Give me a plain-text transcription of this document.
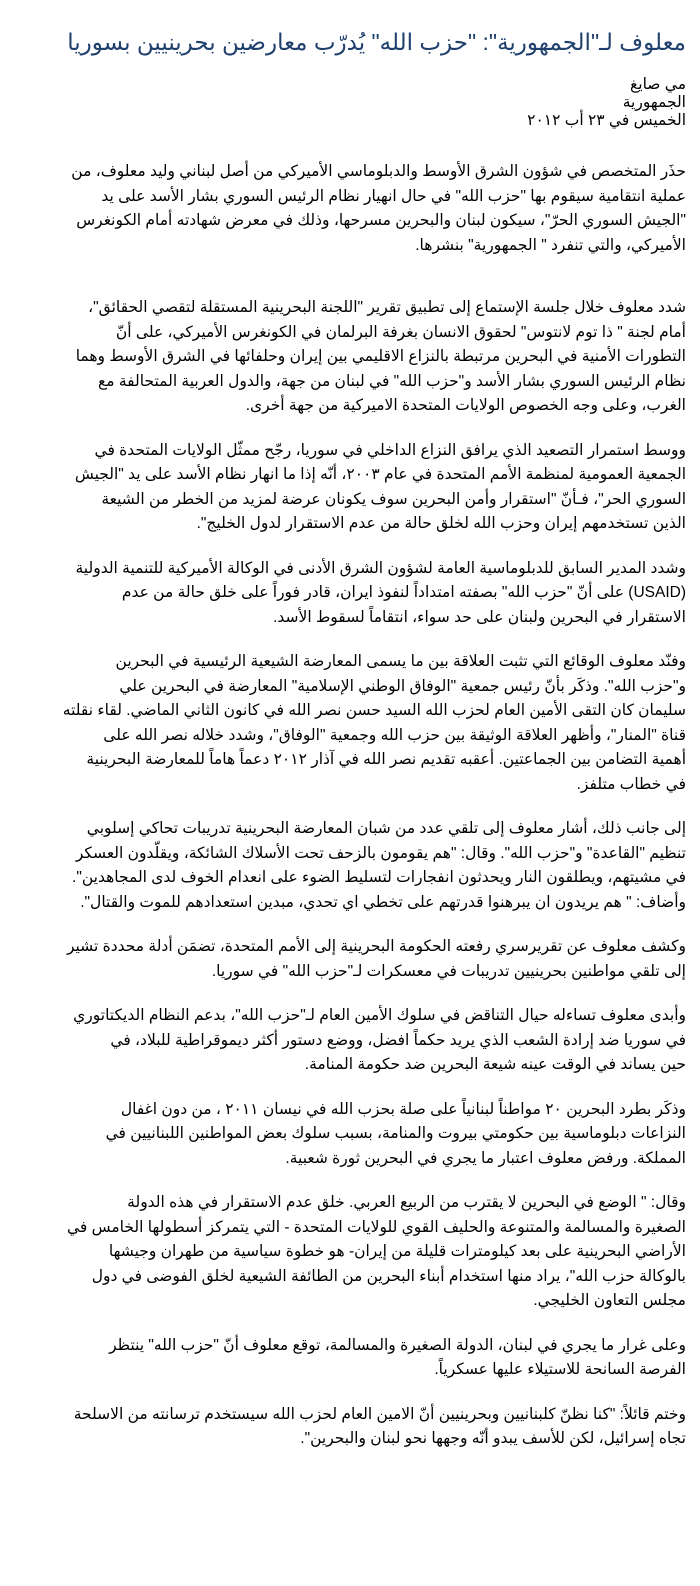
معلوف لـ"الجمهورية": "حزب الله" يُدرّب معارضين بحرينيين بسوريا
مي صايغ
الجمهورية
الخميس في ٢٣ أب ٢٠١٢
حذَر المتخصص في شؤون الشرق الأوسط والدبلوماسي الأميركي من أصل لبناني وليد معلوف، من
عملية انتقامية سيقوم بها "حزب الله" في حال انهيار نظام الرئيس السوري بشار الأسد على يد
"الجيش السوري الحرّ"، سيكون لبنان والبحرين مسرحها، وذلك في معرض شهادته أمام الكونغرس
الأميركي، والتي تنفرد " الجمهورية" بنشرها.
شدد معلوف خلال جلسة الإستماع إلى تطبيق تقرير "اللجنة البحرينية المستقلة لتقصي الحقائق"،
أمام لجنة " ذا توم لانتوس" لحقوق الانسان بغرفة البرلمان في الكونغرس الأميركي، على أنّ
التطورات الأمنية في البحرين مرتبطة بالنزاع الاقليمي بين إيران وحلفائها في الشرق الأوسط وهما
نظام الرئيس السوري بشار الأسد و"حزب الله" في لبنان من جهة، والدول العربية المتحالفة مع
الغرب، وعلى وجه الخصوص الولايات المتحدة الاميركية من جهة أخرى.
ووسط استمرار التصعيد الذي يرافق النزاع الداخلي في سوريا، رجّح ممثّل الولايات المتحدة في
الجمعية العمومية لمنظمة الأمم المتحدة في عام ٢٠٠٣، أنّه إذا ما انهار نظام الأسد على يد "الجيش
السوري الحر"، فـأنّ "استقرار وأمن البحرين سوف يكونان عرضة لمزيد من الخطر من الشيعة
الذين تستخدمهم إيران وحزب الله لخلق حالة من عدم الاستقرار لدول الخليج".
وشدد المدير السابق للدبلوماسية العامة لشؤون الشرق الأدنى في الوكالة الأميركية للتنمية الدولية
(USAID) على أنّ "حزب الله" بصفته امتداداً لنفوذ ايران، قادر فوراً على خلق حالة من عدم
الاستقرار في البحرين ولبنان على حد سواء، انتقاماً لسقوط الأسد.
وفنّد معلوف الوقائع التي تثبت العلاقة بين ما يسمى المعارضة الشيعية الرئيسية في البحرين
و"حزب الله". وذكَر بأنّ رئيس جمعية "الوفاق الوطني الإسلامية" المعارضة في البحرين علي
سليمان كان التقى الأمين العام لحزب الله السيد حسن نصر الله في كانون الثاني الماضي. لقاء نقلته
قناة "المنار"، وأظهر العلاقة الوثيقة بين حزب الله وجمعية "الوفاق"، وشدد خلاله نصر الله على
أهمية التضامن بين الجماعتين. أعقبه تقديم نصر الله في آذار ٢٠١٢ دعماً هاماً للمعارضة البحرينية
في خطاب متلفز.
إلى جانب ذلك، أشار معلوف إلى تلقي عدد من شبان المعارضة البحرينية تدريبات تحاكي إسلوبي
تنظيم "القاعدة" و"حزب الله". وقال: "هم يقومون بالزحف تحت الأسلاك الشائكة، ويقلّدون العسكر
في مشيتهم، ويطلقون النار ويحدثون انفجارات لتسليط الضوء على انعدام الخوف لدى المجاهدين".
وأضاف: " هم يريدون ان يبرهنوا قدرتهم على تخطي اي تحدي، مبدين استعدادهم للموت والقتال".
وكشف معلوف عن تقريرسري رفعته الحكومة البحرينية إلى الأمم المتحدة، تضمَن أدلة محددة تشير
إلى تلقي مواطنين بحرينيين تدريبات في معسكرات لـ"حزب الله" في سوريا.
وأبدى معلوف تساءله حيال التناقض في سلوك الأمين العام لـ"حزب الله"، بدعم النظام الديكتاتوري
في سوريا ضد إرادة الشعب الذي يريد حكماً افضل، ووضع دستور أكثر ديموقراطية للبلاد، في
حين يساند في الوقت عينه شيعة البحرين ضد حكومة المنامة.
وذكَر بطرد البحرين ٢٠ مواطناً لبنانياً على صلة بحزب الله في نيسان ٢٠١١ ، من دون اغفال
النزاعات دبلوماسية بين حكومتي بيروت والمنامة، بسبب سلوك بعض المواطنين اللبنانيين في
المملكة. ورفض معلوف اعتبار ما يجري في البحرين ثورة شعبية.
وقال: " الوضع في البحرين لا يقترب من الربيع العربي. خلق عدم الاستقرار في هذه الدولة
الصغيرة والمسالمة والمتنوعة والحليف القوي للولايات المتحدة - التي يتمركز أسطولها الخامس في
الأراضي البحرينية على بعد كيلومترات قليلة من إيران- هو خطوة سياسية من طهران وجيشها
بالوكالة حزب الله"، يراد منها استخدام أبناء البحرين من الطائفة الشيعية لخلق الفوضى في دول
مجلس التعاون الخليجي.
وعلى غرار ما يجري في لبنان، الدولة الصغيرة والمسالمة، توقع معلوف أنّ "حزب الله" ينتظر
الفرصة السانحة للاستيلاء عليها عسكرياً.
وختم قائلاً: "كنا نظنّ كلبنانيين وبحرينيين أنّ الامين العام لحزب الله سيستخدم ترسانته من الاسلحة
تجاه إسرائيل، لكن للأسف يبدو أنّه وجهها نحو لبنان والبحرين".
